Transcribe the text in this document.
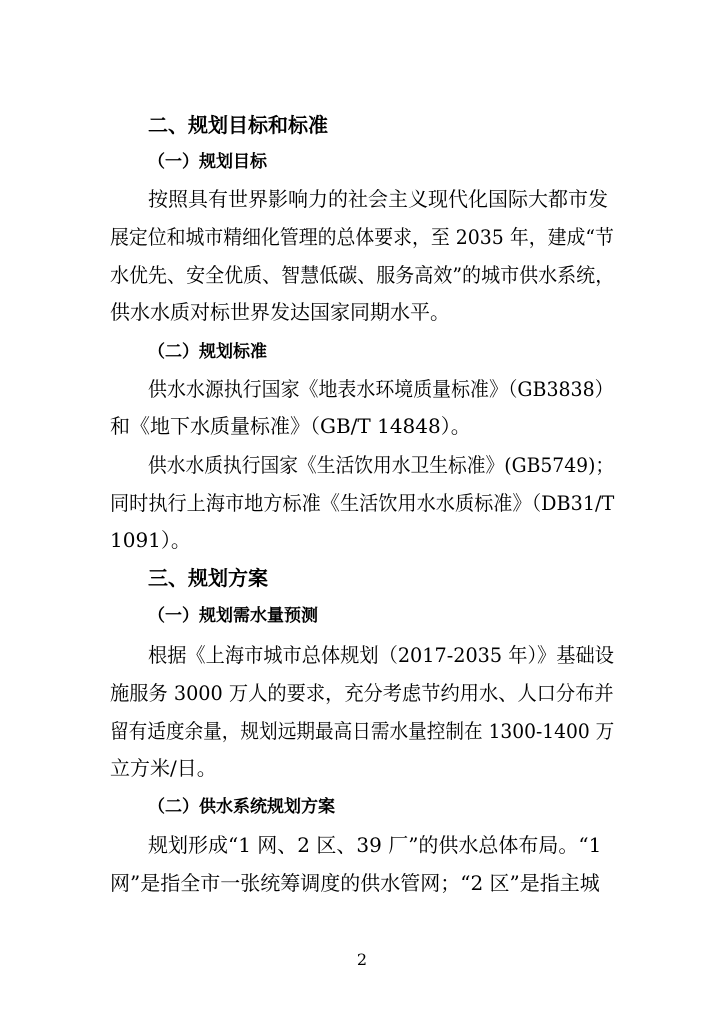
二、规划目标和标准
（一）规划目标
按照具有世界影响力的社会主义现代化国际大都市发
展定位和城市精细化管理的总体要求，至 2035 年，建成“节
水优先、安全优质、智慧低碳、服务高效”的城市供水系统，
供水水质对标世界发达国家同期水平。
（二）规划标准
供水水源执行国家《地表水环境质量标准》（GB3838）
和《地下水质量标准》（GB/T 14848）。
供水水质执行国家《生活饮用水卫生标准》(GB5749)；
同时执行上海市地方标准《生活饮用水水质标准》（DB31/T
1091）。
三、规划方案
（一）规划需水量预测
根据《上海市城市总体规划（2017-2035 年）》基础设
施服务 3000 万人的要求，充分考虑节约用水、人口分布并
留有适度余量，规划远期最高日需水量控制在 1300-1400 万
立方米/日。
（二）供水系统规划方案
规划形成“1 网、2 区、39 厂”的供水总体布局。“1
网”是指全市一张统筹调度的供水管网；“2 区”是指主城
2
